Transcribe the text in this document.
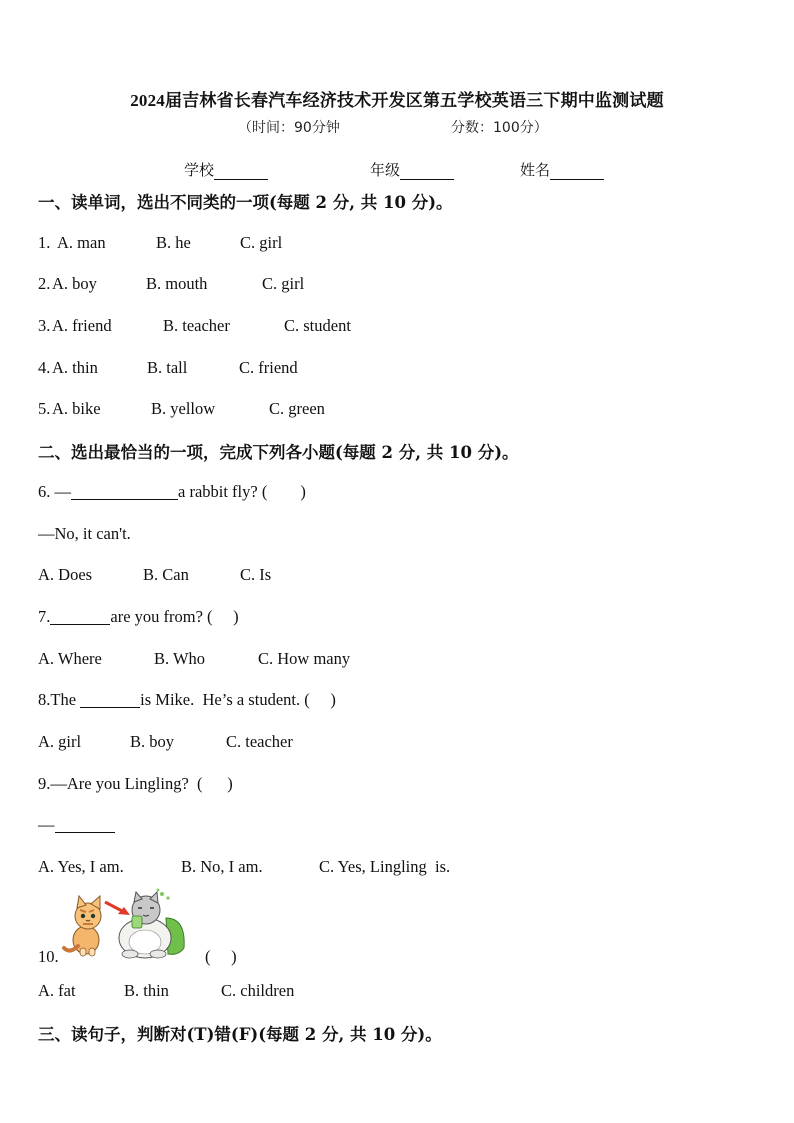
2024届吉林省长春汽车经济技术开发区第五学校英语三下期中监测试题
（时间：90分钟	分数：100分）
学校	年级	姓名
一、读单词，选出不同类的一项(每题 2 分, 共 10 分)。
1. A. man	B. he	C. girl
2. A. boy	B. mouth	C. girl
3. A. friend	B. teacher	C. student
4. A. thin	B. tall	C. friend
5. A. bike	B. yellow	C. green
二、选出最恰当的一项，完成下列各小题(每题 2 分, 共 10 分)。
6. —	a rabbit fly? (        )
—No, it can't.
A. Does	B. Can	C. Is
7.	are you from? (     )
A. Where	B. Who	C. How many
8.The	is Mike.  He’s a student. (     )
A. girl	B. boy	C. teacher
9.—Are you Lingling?  (      )
—
A. Yes, I am.	B. No, I am.	C. Yes, Lingling  is.
10.	(     )
A. fat	B. thin	C. children
三、读句子，判断对(T)错(F)(每题 2 分, 共 10 分)。
